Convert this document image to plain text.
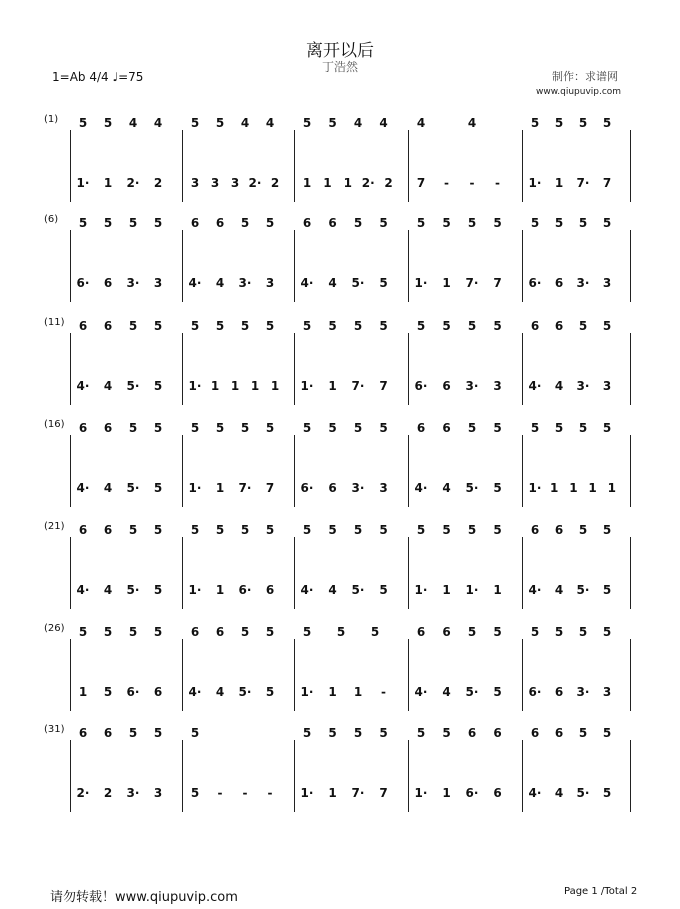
离开以后
丁浩然
1=Ab 4/4 ♩=75	制作：求谱网
www.qiupuvip.com
(1) 5 5 4 4 5 5 4 4 5 5 4 4 4	4	5 5 5 5
1· 1 2· 2 3 3 3 2· 2 1 1 1 2· 2 7	-	-	-	1· 1 7· 7
(6) 5 5 5 5 6 6 5 5 6 6 5 5 5 5 5 5 5 5 5 5
6· 6 3· 3 4· 4 3· 3 4· 4 5· 5 1· 1 7· 7 6· 6 3· 3
(11) 6 6 5 5 5 5 5 5 5 5 5 5 5 5 5 5 6 6 5 5
4· 4 5· 5 1· 1 1 1 1 1· 1 7· 7 6· 6 3· 3 4· 4 3· 3
(16) 6 6 5 5 5 5 5 5 5 5 5 5 6 6 5 5 5 5 5 5
4· 4 5· 5 1· 1 7· 7 6· 6 3· 3 4· 4 5· 5 1· 1 1 1 1
(21) 6 6 5 5 5 5 5 5 5 5 5 5 5 5 5 5 6 6 5 5
4· 4 5· 5 1· 1 6· 6 4· 4 5· 5 1· 1 1· 1 4· 4 5· 5
(26) 5 5 5 5 6 6 5 5 5 5 5	6 6 5 5 5 5 5 5
1 5 6· 6 4· 4 5· 5 1· 1 1	-	4· 4 5· 5 6· 6 3· 3
(31) 6 6 5 5 5	5 5 5 5 5 5 6 6 6 6 5 5
2· 2 3· 3 5	-	-	-	1· 1 7· 7 1· 1 6· 6 4· 4 5· 5
请勿转载！www.qiupuvip.com	Page 1 /Total 2
